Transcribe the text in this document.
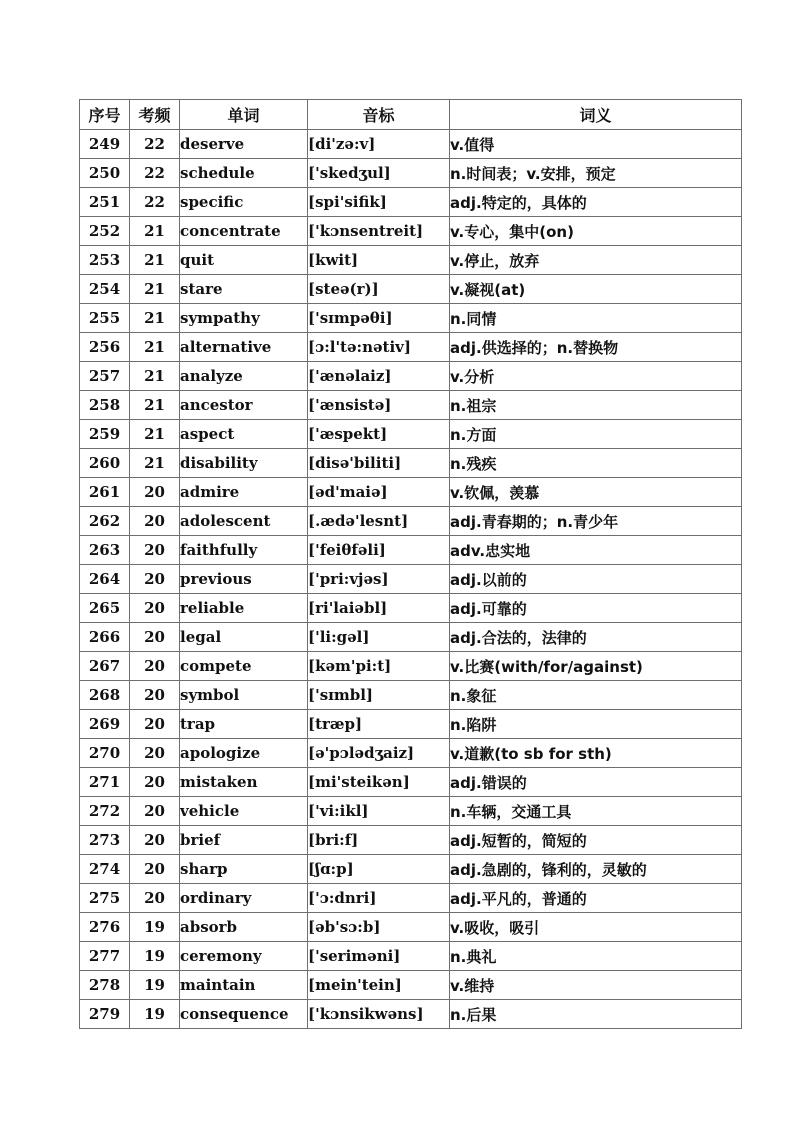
序号	考频	单词	音标	词义
249	22	deserve	[di'zə:v]	v.值得
250	22	schedule	['skedʒul]	n.时间表；v.安排，预定
251	22	specific	[spi'sifik]	adj.特定的，具体的
252	21	concentrate	['kɔnsentreit]	v.专心，集中(on)
253	21	quit	[kwit]	v.停止，放弃
254	21	stare	[steə(r)]	v.凝视(at)
255	21	sympathy	['sɪmpəθi]	n.同情
256	21	alternative	[ɔ:l'tə:nətiv]	adj.供选择的；n.替换物
257	21	analyze	['ænəlaiz]	v.分析
258	21	ancestor	['ænsistə]	n.祖宗
259	21	aspect	['æspekt]	n.方面
260	21	disability	[disə'biliti]	n.残疾
261	20	admire	[əd'maiə]	v.钦佩，羡慕
262	20	adolescent	[.ædə'lesnt]	adj.青春期的；n.青少年
263	20	faithfully	['feiθfəli]	adv.忠实地
264	20	previous	['pri:vjəs]	adj.以前的
265	20	reliable	[ri'laiəbl]	adj.可靠的
266	20	legal	['li:gəl]	adj.合法的，法律的
267	20	compete	[kəm'pi:t]	v.比赛(with/for/against)
268	20	symbol	['sɪmbl]	n.象征
269	20	trap	[træp]	n.陷阱
270	20	apologize	[ə'pɔlədʒaiz]	v.道歉(to sb for sth)
271	20	mistaken	[mi'steikən]	adj.错误的
272	20	vehicle	['vi:ikl]	n.车辆，交通工具
273	20	brief	[bri:f]	adj.短暂的，简短的
274	20	sharp	[ʃɑ:p]	adj.急剧的，锋利的，灵敏的
275	20	ordinary	['ɔ:dnri]	adj.平凡的，普通的
276	19	absorb	[əb'sɔ:b]	v.吸收，吸引
277	19	ceremony	['seriməni]	n.典礼
278	19	maintain	[mein'tein]	v.维持
279	19	consequence	['kɔnsikwəns]	n.后果
